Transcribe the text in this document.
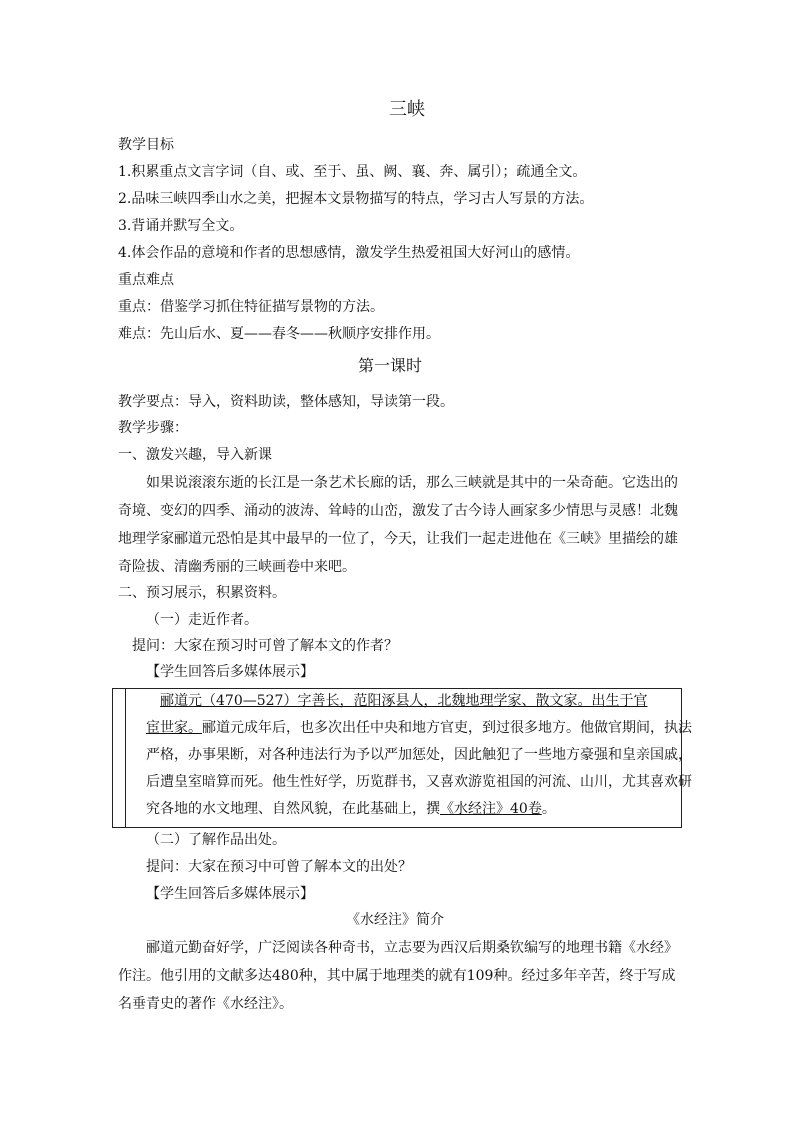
三峡
教学目标
1.积累重点文言字词（自、或、至于、虽、阙、襄、奔、属引）；疏通全文。
2.品味三峡四季山水之美，把握本文景物描写的特点，学习古人写景的方法。
3.背诵并默写全文。
4.体会作品的意境和作者的思想感情，激发学生热爱祖国大好河山的感情。
重点难点
重点：借鉴学习抓住特征描写景物的方法。
难点：先山后水、夏——春冬——秋顺序安排作用。
第一课时
教学要点：导入，资料助读，整体感知，导读第一段。
教学步骤：
一、激发兴趣，导入新课
如果说滚滚东逝的长江是一条艺术长廊的话，那么三峡就是其中的一朵奇葩。它迭出的
奇境、变幻的四季、涌动的波涛、耸峙的山峦，激发了古今诗人画家多少情思与灵感！北魏
地理学家郦道元恐怕是其中最早的一位了，今天，让我们一起走进他在《三峡》里描绘的雄
奇险拔、清幽秀丽的三峡画卷中来吧。
二、预习展示，积累资料。
（一）走近作者。
提问：大家在预习时可曾了解本文的作者？
【学生回答后多媒体展示】
郦道元（470—527）字善长，范阳涿县人，北魏地理学家、散文家。出生于官
宦世家。郦道元成年后，也多次出任中央和地方官吏，到过很多地方。他做官期间，执法
严格，办事果断，对各种违法行为予以严加惩处，因此触犯了一些地方豪强和皇亲国戚，
后遭皇室暗算而死。他生性好学，历览群书，又喜欢游览祖国的河流、山川，尤其喜欢研
究各地的水文地理、自然风貌，在此基础上，撰《水经注》40卷。
（二）了解作品出处。
提问：大家在预习中可曾了解本文的出处？
【学生回答后多媒体展示】
《水经注》简介
郦道元勤奋好学，广泛阅读各种奇书，立志要为西汉后期桑钦编写的地理书籍《水经》
作注。他引用的文献多达480种，其中属于地理类的就有109种。经过多年辛苦，终于写成
名垂青史的著作《水经注》。
